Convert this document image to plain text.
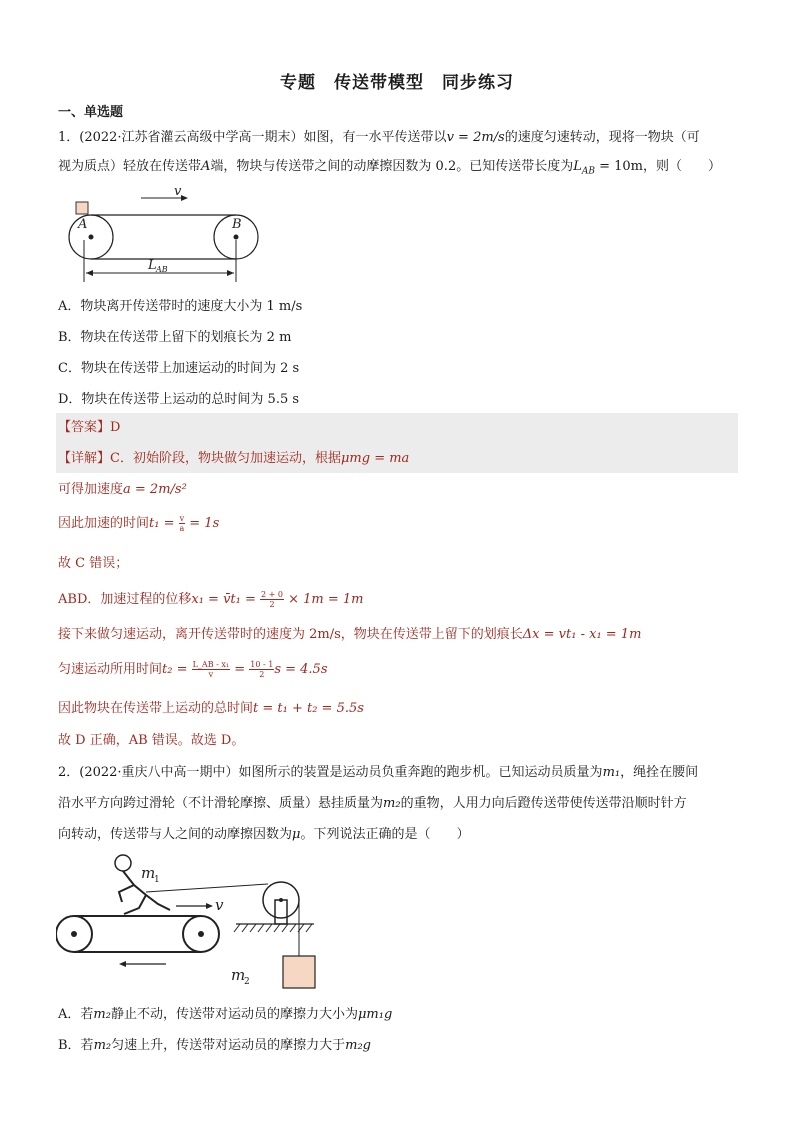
专题　传送带模型　同步练习
一、单选题
1．(2022·江苏省灌云高级中学高一期末）如图，有一水平传送带以v = 2m/s的速度匀速转动，现将一物块（可
视为质点）轻放在传送带A端，物块与传送带之间的动摩擦因数为 0.2。已知传送带长度为$L_{AB} = 10m$，则（　　）
v
A	B
L AB
A．物块离开传送带时的速度大小为 1 m/s
B．物块在传送带上留下的划痕长为 2 m
C．物块在传送带上加速运动的时间为 2 s
D．物块在传送带上运动的总时间为 5.5 s
【答案】D
【详解】C．初始阶段，物块做匀加速运动，根据μmg = ma
可得加速度a = 2m/s²
因此加速的时间$t_1 = \frac{v}{a} = 1s$
故 C 错误；
ABD．加速过程的位移x₁ = v̄t₁ = $\frac{2 + 0}{2} \times 1m = 1m$
接下来做匀速运动，离开传送带时的速度为 2m/s，物块在传送带上留下的划痕长Δx = vt₁ - x₁ = 1m
匀速运动所用时间$t_2 = \frac{\text{L\_AB - x₁}}{v} = \frac{10 - 1}{2}$ s = 4.5s
因此物块在传送带上运动的总时间t = t₁ + t₂ = 5.5s
故 D 正确，AB 错误。故选 D。
2．(2022·重庆八中高一期中）如图所示的装置是运动员负重奔跑的跑步机。已知运动员质量为m₁，绳拴在腰间
沿水平方向跨过滑轮（不计滑轮摩擦、质量）悬挂质量为m₂的重物，人用力向后蹬传送带使传送带沿顺时针方
向转动，传送带与人之间的动摩擦因数为μ。下列说法正确的是（　　）
m
1
v
m
2
A．若m₂静止不动，传送带对运动员的摩擦力大小为μm₁g
B．若m₂匀速上升，传送带对运动员的摩擦力大于m₂g
